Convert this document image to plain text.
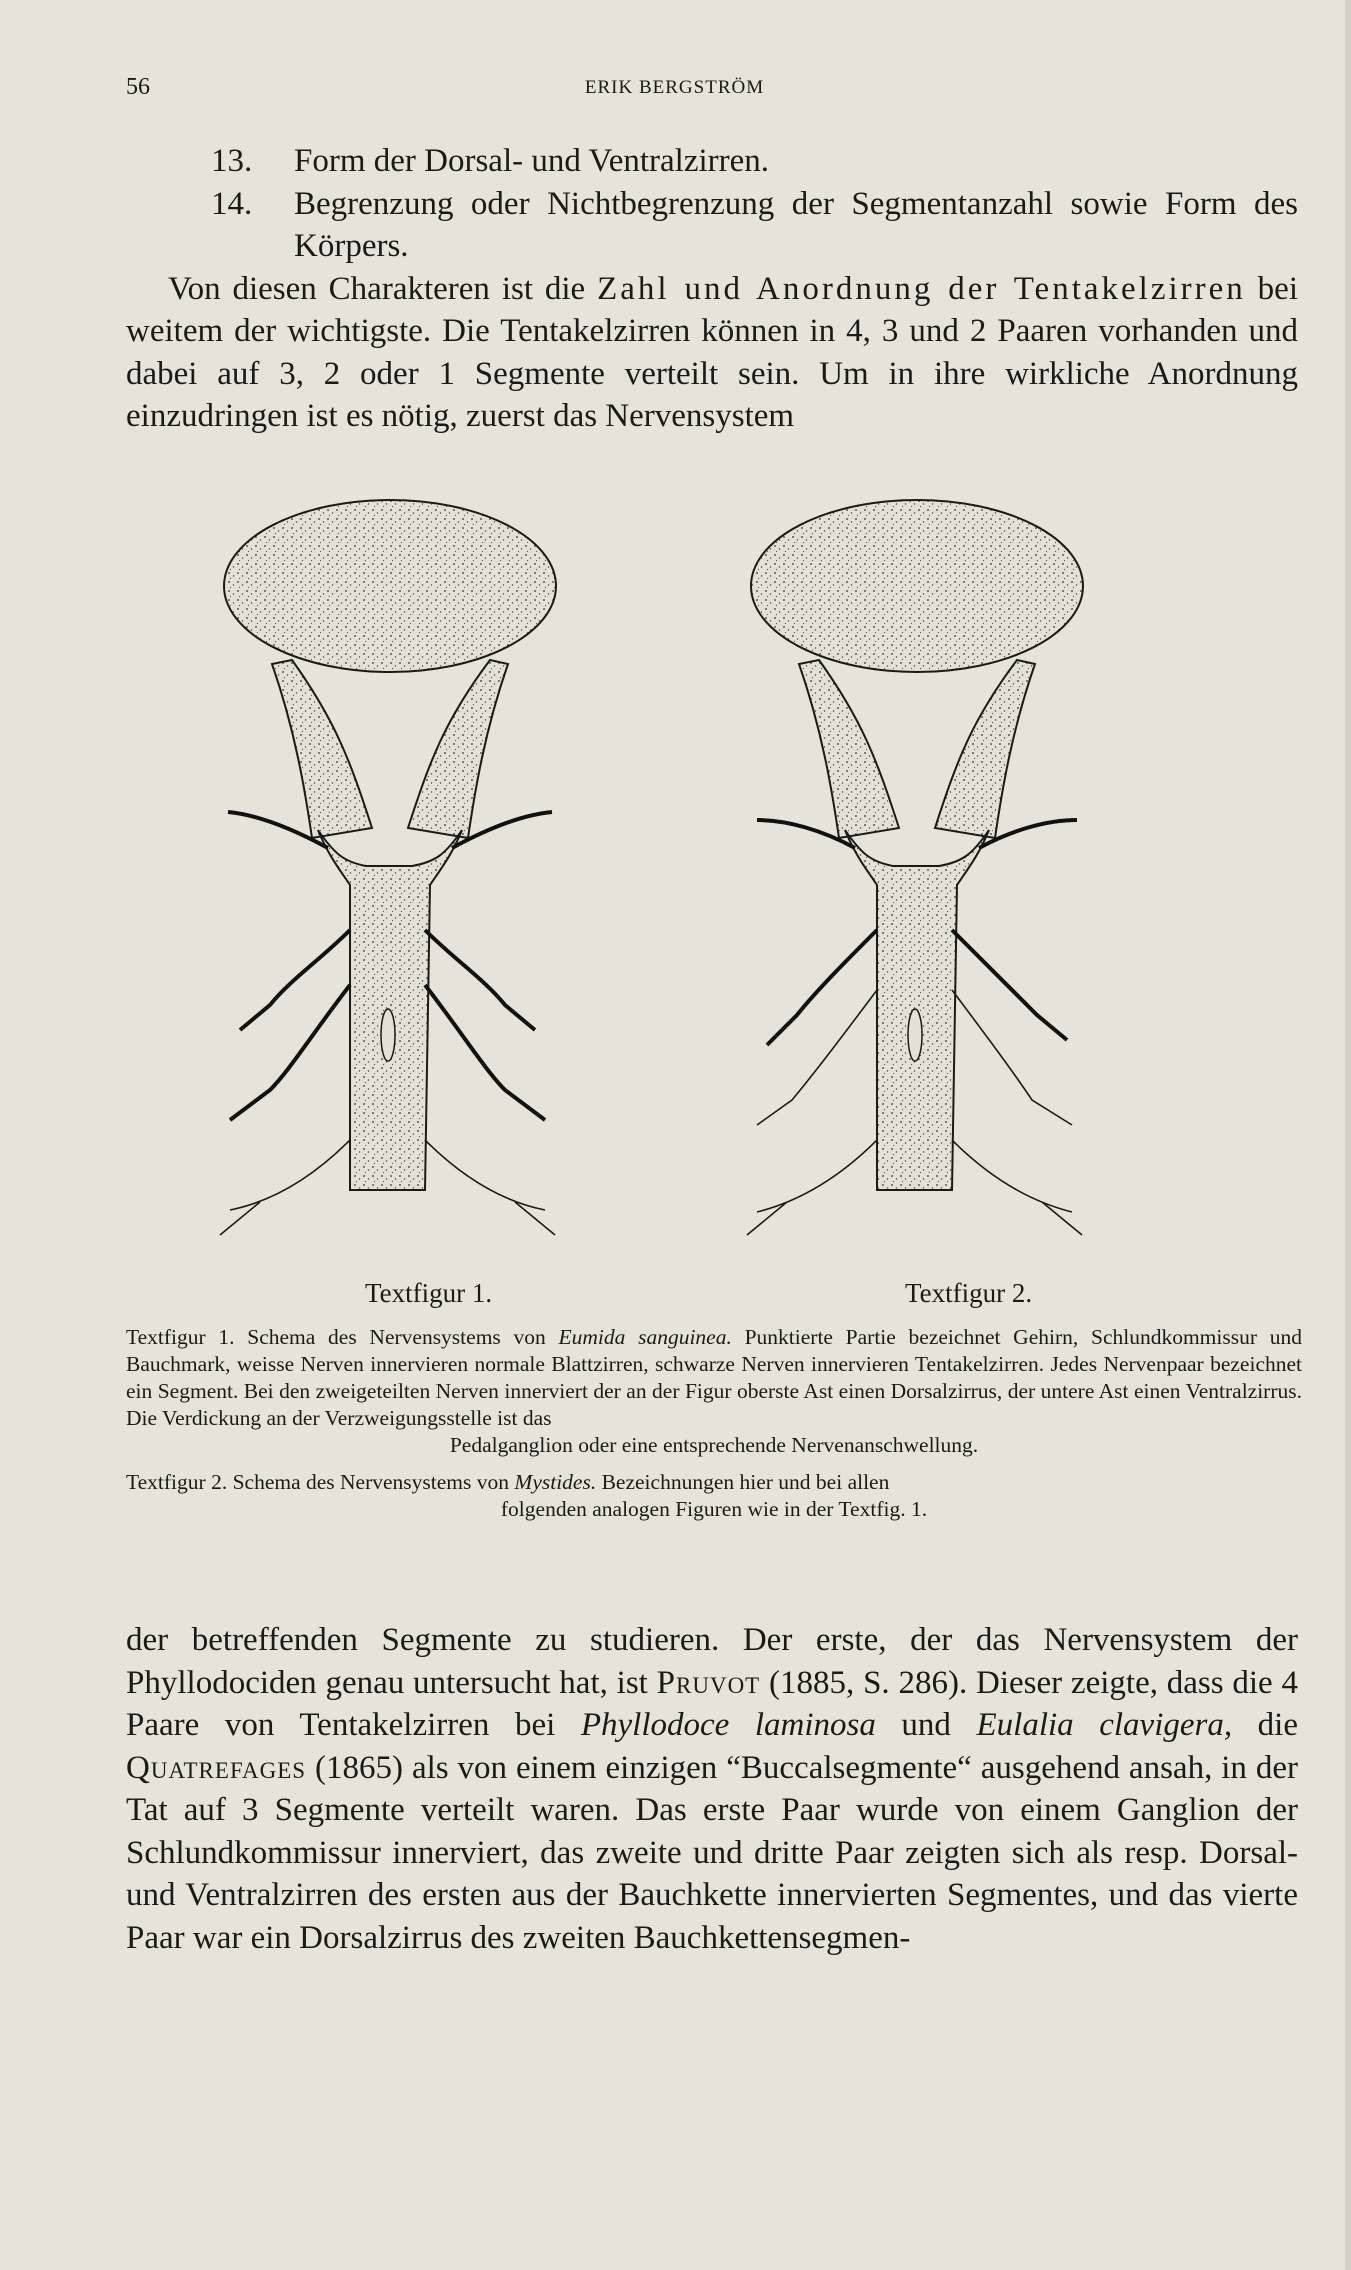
56	ERIK BERGSTRÖM

13.	Form der Dorsal- und Ventralzirren.

14.	Begrenzung oder Nichtbegrenzung der Segmentanzahl sowie Form des Körpers.

Von diesen Charakteren ist die Zahl und Anordnung der Tentakelzirren bei weitem der wichtigste. Die Tentakelzirren können in 4, 3 und 2 Paaren vorhanden und dabei auf 3, 2 oder 1 Segmente verteilt sein. Um in ihre wirkliche Anordnung einzudringen ist es nötig, zuerst das Nervensystem

Textfigur 1.	Textfigur 2.

Textfigur 1. Schema des Nervensystems von Eumida sanguinea. Punktierte Partie bezeichnet Gehirn, Schlundkommissur und Bauchmark, weisse Nerven innervieren normale Blattzirren, schwarze Nerven innervieren Tentakelzirren. Jedes Nervenpaar bezeichnet ein Segment. Bei den zweigeteilten Nerven innerviert der an der Figur oberste Ast einen Dorsalzirrus, der untere Ast einen Ventralzirrus. Die Verdickung an der Verzweigungsstelle ist das
Pedalganglion oder eine entsprechende Nervenanschwellung.

Textfigur 2. Schema des Nervensystems von Mystides. Bezeichnungen hier und bei allen
folgenden analogen Figuren wie in der Textfig. 1.

der betreffenden Segmente zu studieren. Der erste, der das Nervensystem der Phyllodociden genau untersucht hat, ist Pruvot (1885, S. 286). Dieser zeigte, dass die 4 Paare von Tentakelzirren bei Phyllodoce laminosa und Eulalia clavigera, die Quatrefages (1865) als von einem einzigen “Buccalsegmente“ ausgehend ansah, in der Tat auf 3 Segmente verteilt waren. Das erste Paar wurde von einem Ganglion der Schlundkommissur innerviert, das zweite und dritte Paar zeigten sich als resp. Dorsal- und Ventralzirren des ersten aus der Bauchkette innervierten Segmentes, und das vierte Paar war ein Dorsalzirrus des zweiten Bauchkettensegmen-
